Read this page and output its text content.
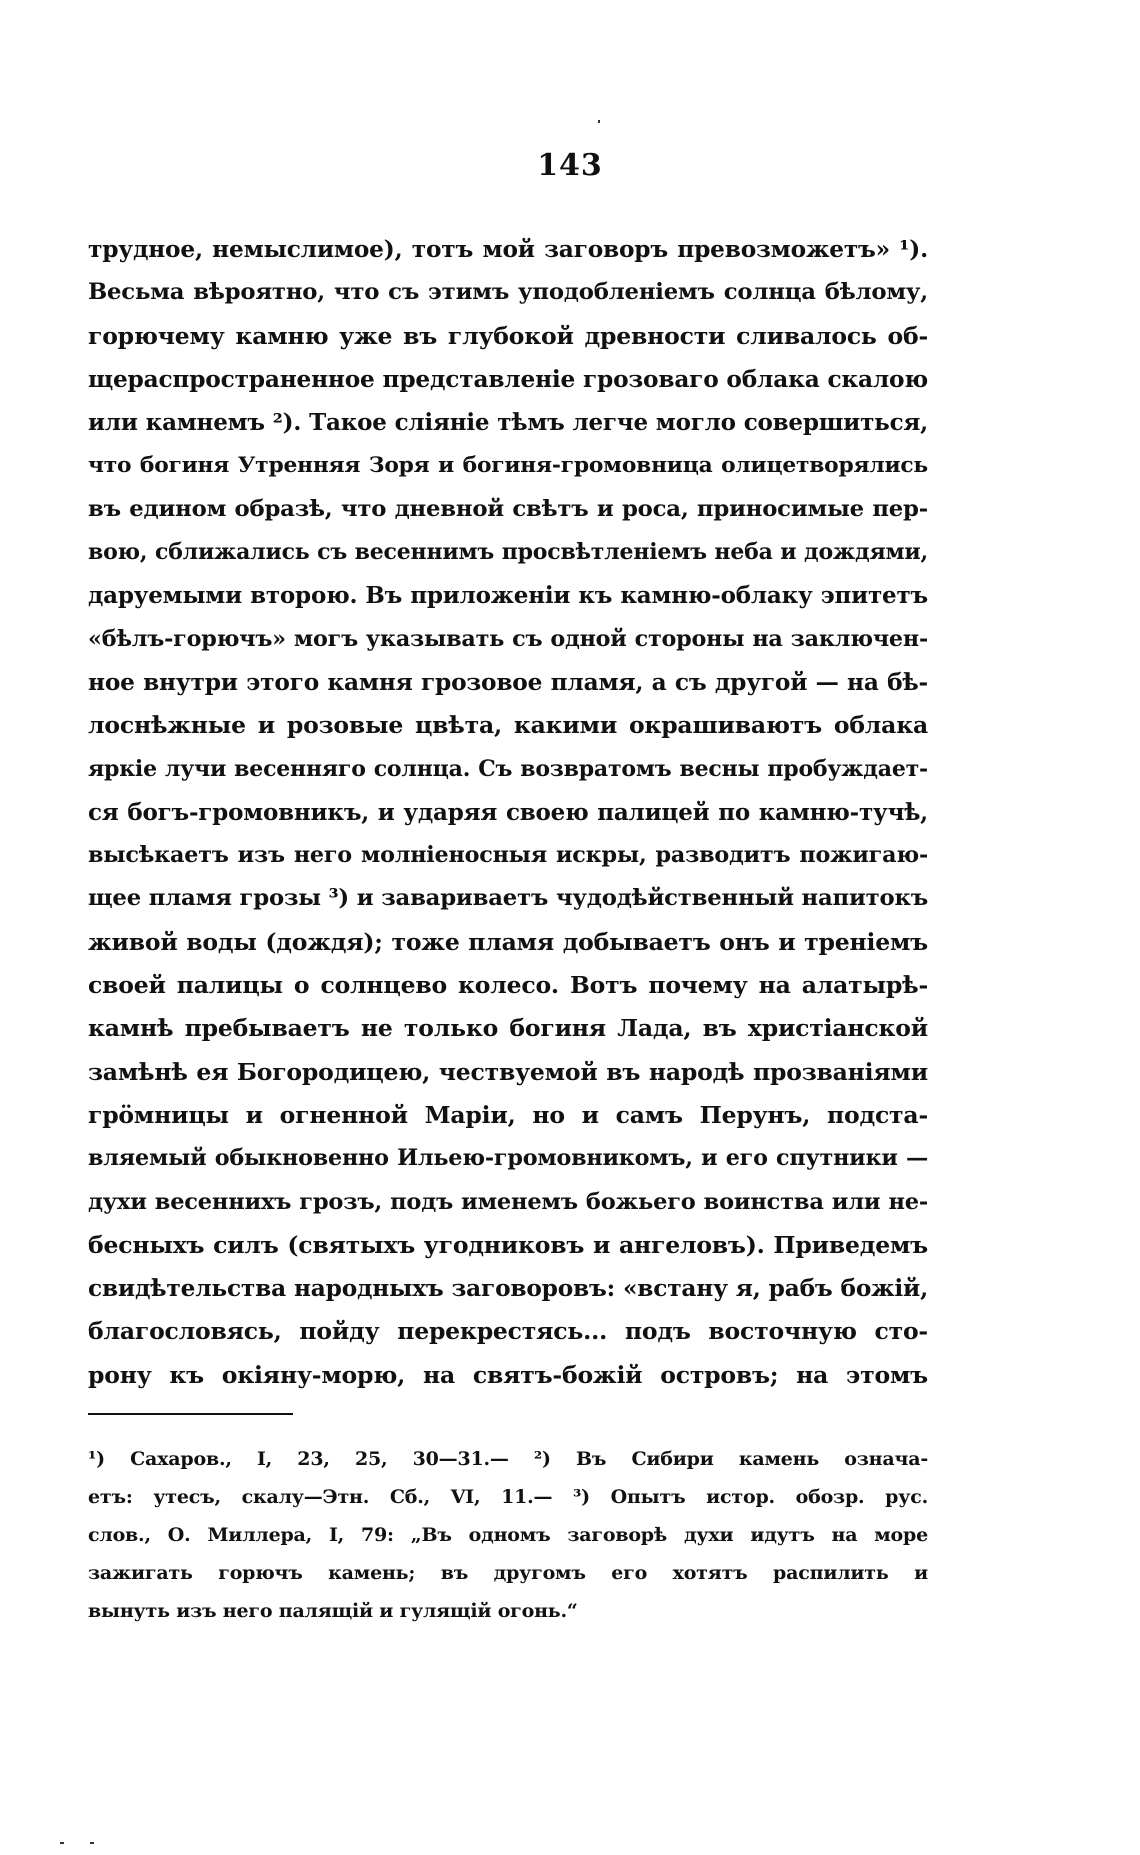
143
трудное, немыслимое), тотъ мой заговоръ превозможетъ» ¹).
Весьма вѣроятно, что съ этимъ уподобленіемъ солнца бѣлому,
горючему камню уже въ глубокой древности сливалось об-
щераспространенное представленіе грозоваго облака скалою
или камнемъ ²). Такое сліяніе тѣмъ легче могло совершиться,
что богиня Утренняя Зоря и богиня-громовница олицетворялись
въ едином образѣ, что дневной свѣтъ и роса, приносимые пер-
вою, сближались съ весеннимъ просвѣтленіемъ неба и дождями,
даруемыми второю. Въ приложеніи къ камню-облаку эпитетъ
«бѣлъ-горючъ» могъ указывать съ одной стороны на заключен-
ное внутри этого камня грозовое пламя, а съ другой — на бѣ-
лоснѣжные и розовые цвѣта, какими окрашиваютъ облака
яркіе лучи весенняго солнца. Съ возвратомъ весны пробуждает-
ся богъ-громовникъ, и ударяя своею палицей по камню-тучѣ,
высѣкаетъ изъ него молніеносныя искры, разводитъ пожигаю-
щее пламя грозы ³) и завариваетъ чудодѣйственный напитокъ
живой воды (дождя); тоже пламя добываетъ онъ и треніемъ
своей палицы о солнцево колесо. Вотъ почему на алатырѣ-
камнѣ пребываетъ не только богиня Лада, въ христіанской
замѣнѣ ея Богородицею, чествуемой въ народѣ прозваніями
грӧмницы и огненной Маріи, но и самъ Перунъ, подста-
вляемый обыкновенно Ильею-громовникомъ, и его спутники —
духи весеннихъ грозъ, подъ именемъ божьего воинства или не-
бесныхъ силъ (святыхъ угодниковъ и ангеловъ). Приведемъ
свидѣтельства народныхъ заговоровъ: «встану я, рабъ божій,
благословясь, пойду перекрестясь... подъ восточную сто-
рону къ окіяну-морю, на святъ-божій островъ; на этомъ
¹) Сахаров., I, 23, 25, 30—31.— ²) Въ Сибири камень означа-
етъ: утесъ, скалу—Этн. Сб., VI, 11.— ³) Опытъ истор. обозр. рус.
слов., О. Миллера, I, 79: „Въ одномъ заговорѣ духи идутъ на море
зажигать горючъ камень; въ другомъ его хотятъ распилить и
вынуть изъ него палящій и гулящій огонь.“
